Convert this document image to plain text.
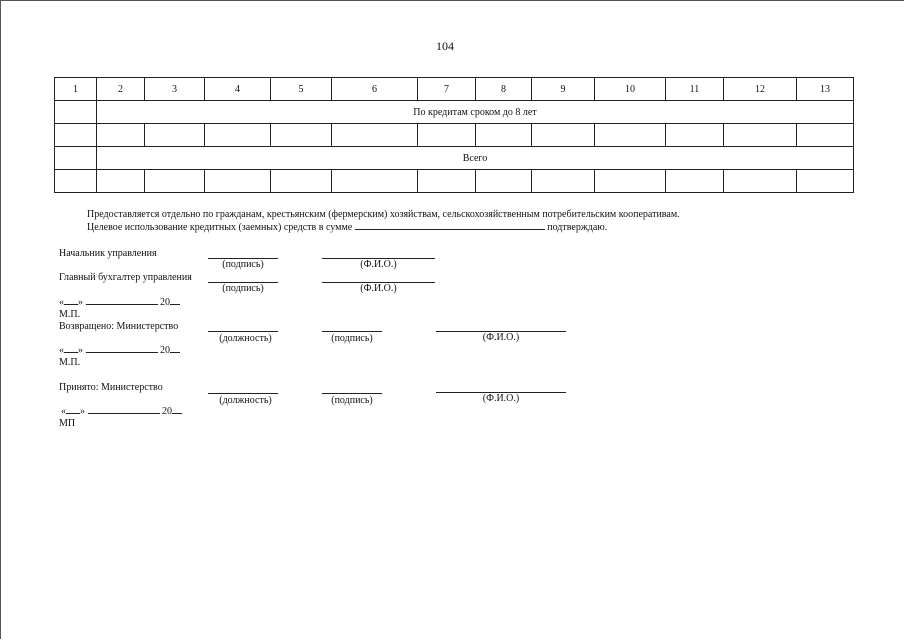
104
1	2	3	4	5	6	7	8	9	10	11	12	13
	По кредитам сроком до 8 лет											

	Всего											

Предоставляется отдельно по гражданам, крестьянским (фермерским) хозяйствам, сельскохозяйственным потребительским кооперативам.
Целевое использование кредитных (заемных) средств в сумме	подтверждаю.
Начальник управления
(подпись)	(Ф.И.О.)
Главный бухгалтер управления
(подпись)	(Ф.И.О.)
« »	20
М.П.
Возвращено: Министерство
(должность)	(подпись)	(Ф.И.О.)
« »	20
М.П.
Принято: Министерство
(должность)	(подпись)	(Ф.И.О.)
« »	20
МП
